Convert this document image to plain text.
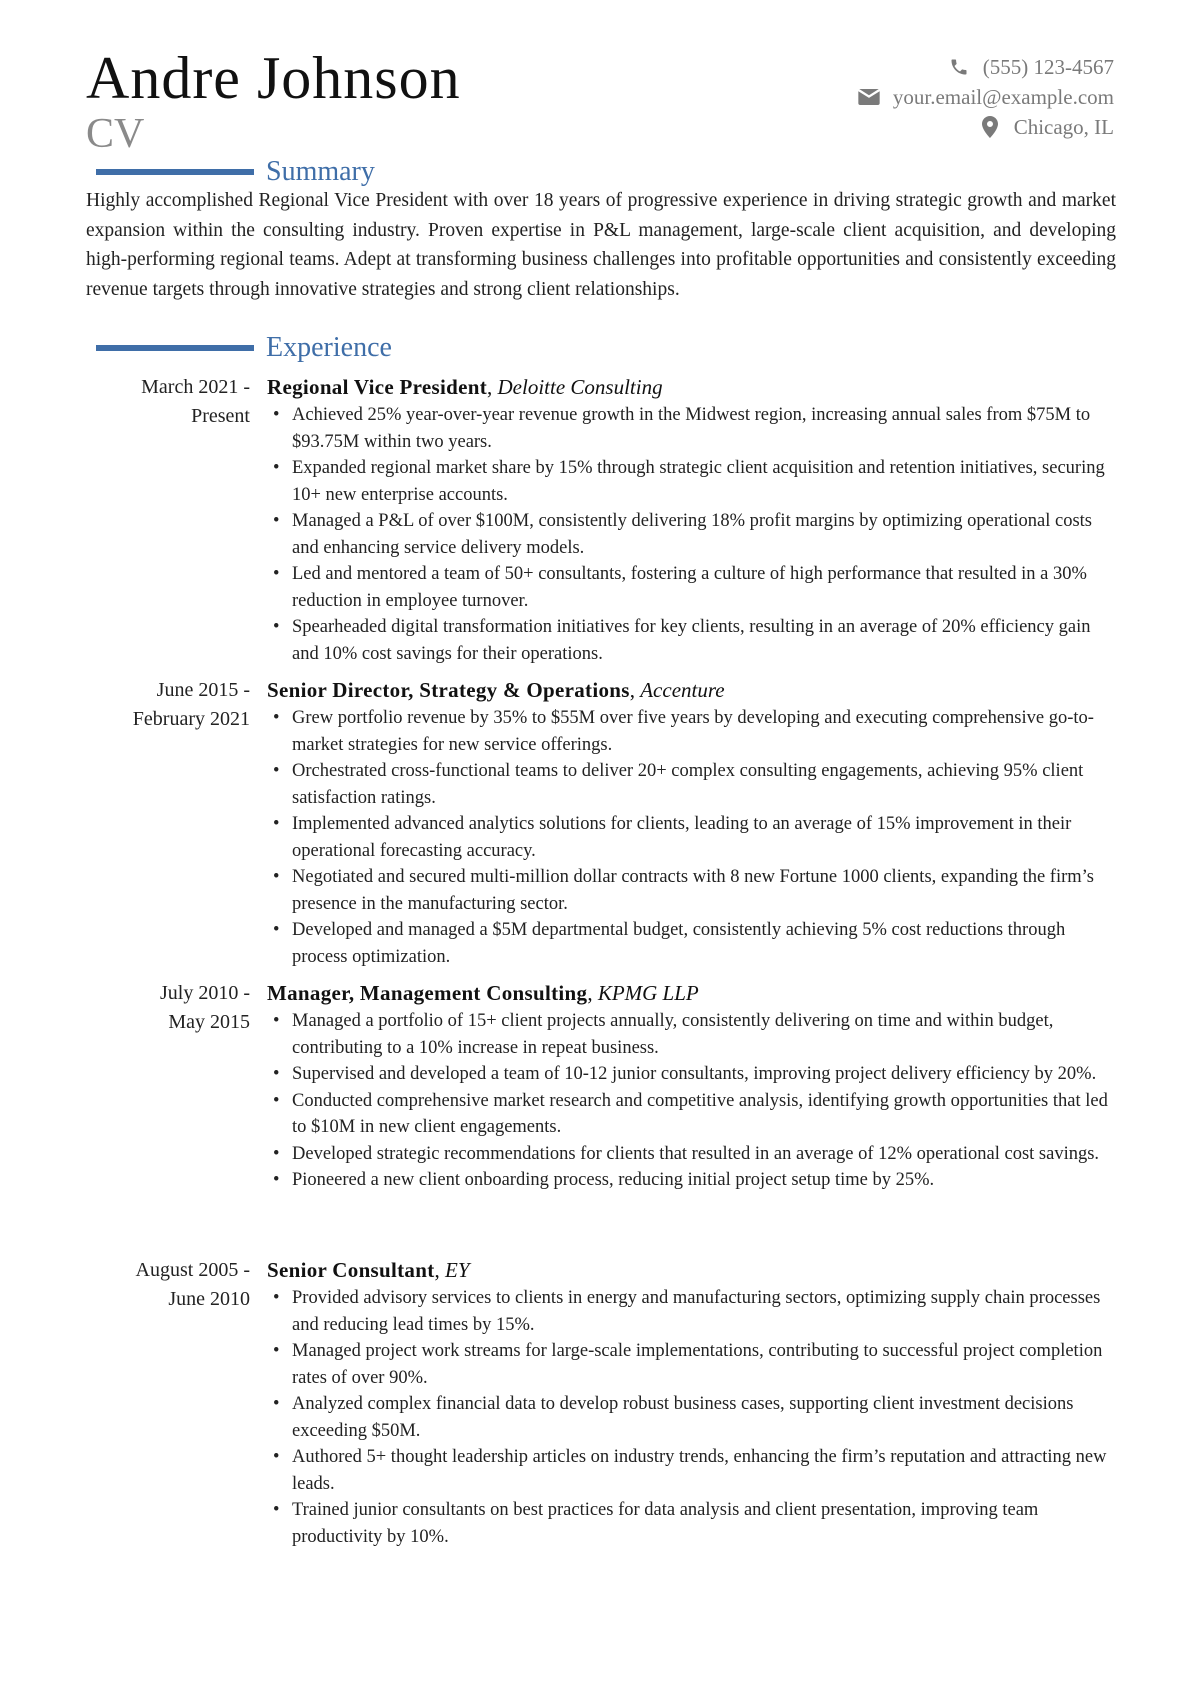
Andre Johnson
CV
(555) 123-4567
your.email@example.com
Chicago, IL
Summary
Highly accomplished Regional Vice President with over 18 years of progressive experience in driving strategic growth and market expansion within the consulting industry. Proven expertise in P&L management, large-scale client acquisition, and developing high-performing regional teams. Adept at transforming business challenges into profitable opportunities and consistently exceeding revenue targets through innovative strategies and strong client relationships.
Experience
March 2021 -
Present
Regional Vice President, Deloitte Consulting
• Achieved 25% year-over-year revenue growth in the Midwest region, increasing annual sales from $75M to $93.75M within two years.
• Expanded regional market share by 15% through strategic client acquisition and retention initiatives, securing 10+ new enterprise accounts.
• Managed a P&L of over $100M, consistently delivering 18% profit margins by optimizing operational costs and enhancing service delivery models.
• Led and mentored a team of 50+ consultants, fostering a culture of high performance that resulted in a 30% reduction in employee turnover.
• Spearheaded digital transformation initiatives for key clients, resulting in an average of 20% efficiency gain and 10% cost savings for their operations.
June 2015 -
February 2021
Senior Director, Strategy & Operations, Accenture
• Grew portfolio revenue by 35% to $55M over five years by developing and executing comprehensive go-to-market strategies for new service offerings.
• Orchestrated cross-functional teams to deliver 20+ complex consulting engagements, achieving 95% client satisfaction ratings.
• Implemented advanced analytics solutions for clients, leading to an average of 15% improvement in their operational forecasting accuracy.
• Negotiated and secured multi-million dollar contracts with 8 new Fortune 1000 clients, expanding the firm’s presence in the manufacturing sector.
• Developed and managed a $5M departmental budget, consistently achieving 5% cost reductions through process optimization.
July 2010 -
May 2015
Manager, Management Consulting, KPMG LLP
• Managed a portfolio of 15+ client projects annually, consistently delivering on time and within budget, contributing to a 10% increase in repeat business.
• Supervised and developed a team of 10-12 junior consultants, improving project delivery efficiency by 20%.
• Conducted comprehensive market research and competitive analysis, identifying growth opportunities that led to $10M in new client engagements.
• Developed strategic recommendations for clients that resulted in an average of 12% operational cost savings.
• Pioneered a new client onboarding process, reducing initial project setup time by 25%.
August 2005 -
June 2010
Senior Consultant, EY
• Provided advisory services to clients in energy and manufacturing sectors, optimizing supply chain processes and reducing lead times by 15%.
• Managed project work streams for large-scale implementations, contributing to successful project completion rates of over 90%.
• Analyzed complex financial data to develop robust business cases, supporting client investment decisions exceeding $50M.
• Authored 5+ thought leadership articles on industry trends, enhancing the firm’s reputation and attracting new leads.
• Trained junior consultants on best practices for data analysis and client presentation, improving team productivity by 10%.
